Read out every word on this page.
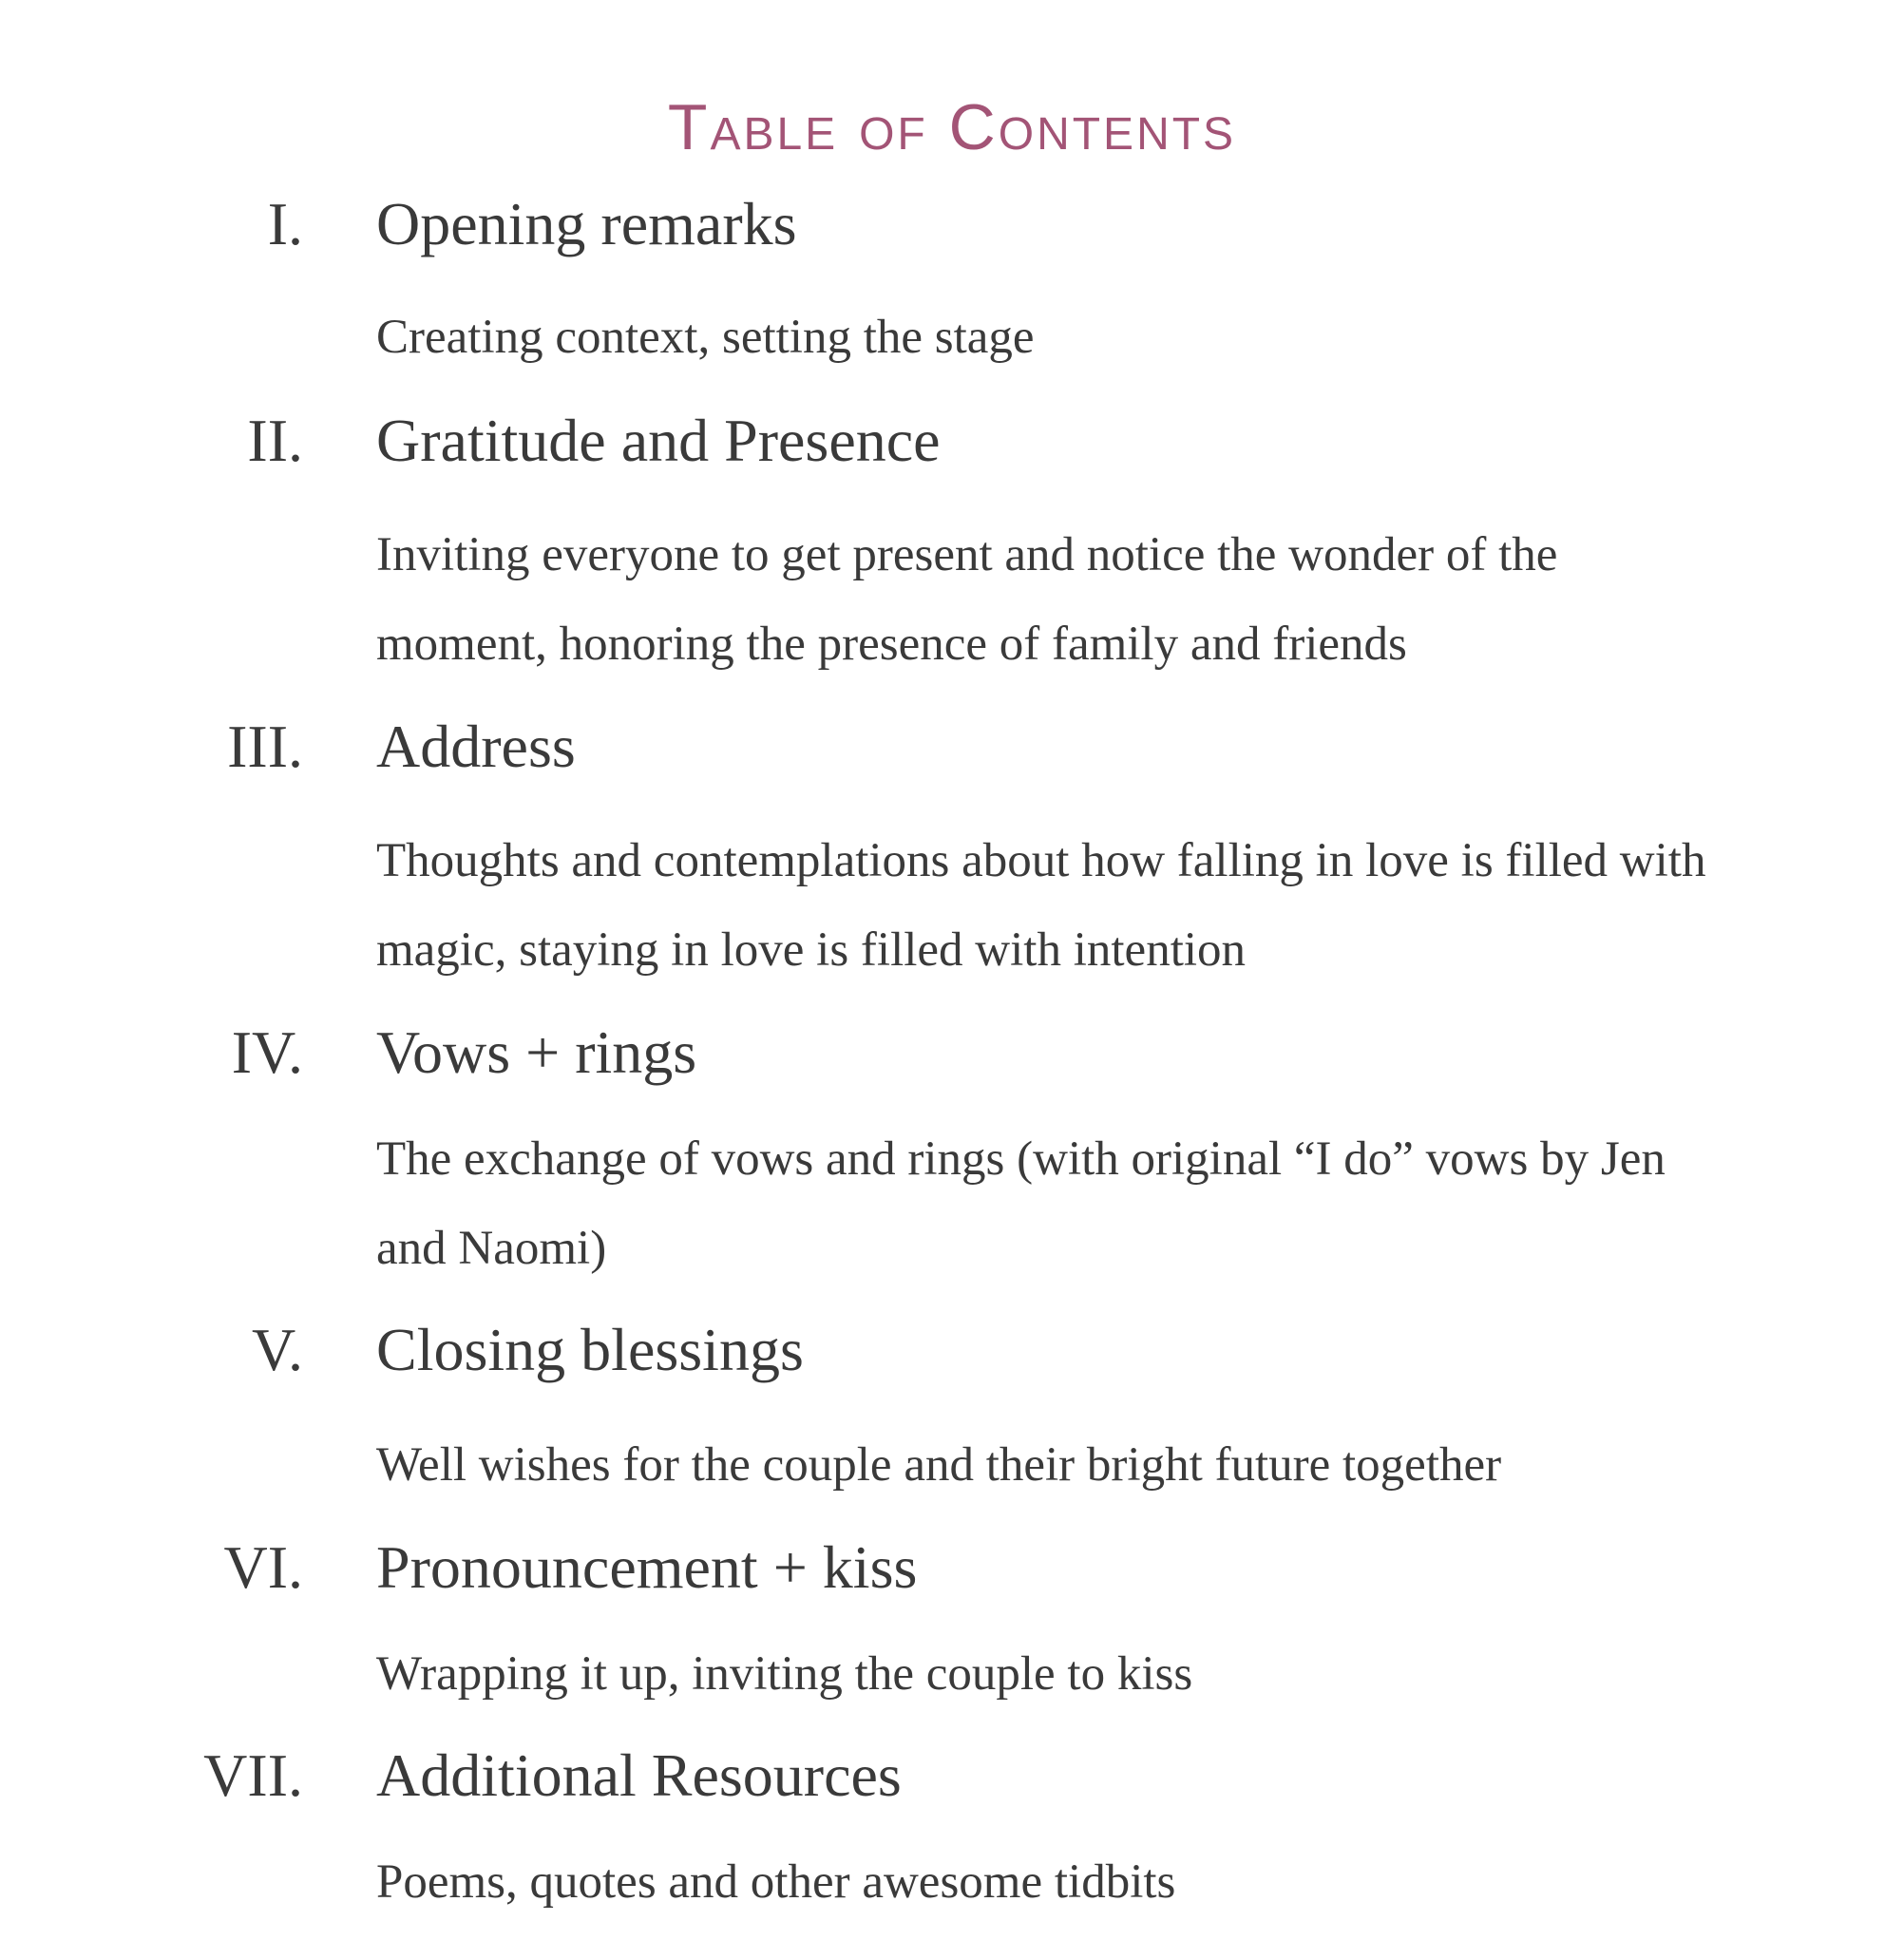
Table of Contents
I. Opening remarks
Creating context, setting the stage
II. Gratitude and Presence
Inviting everyone to get present and notice the wonder of the moment, honoring the presence of family and friends
III. Address
Thoughts and contemplations about how falling in love is filled with magic, staying in love is filled with intention
IV. Vows + rings
The exchange of vows and rings (with original “I do” vows by Jen and Naomi)
V. Closing blessings
Well wishes for the couple and their bright future together
VI. Pronouncement + kiss
Wrapping it up, inviting the couple to kiss
VII. Additional Resources
Poems, quotes and other awesome tidbits
